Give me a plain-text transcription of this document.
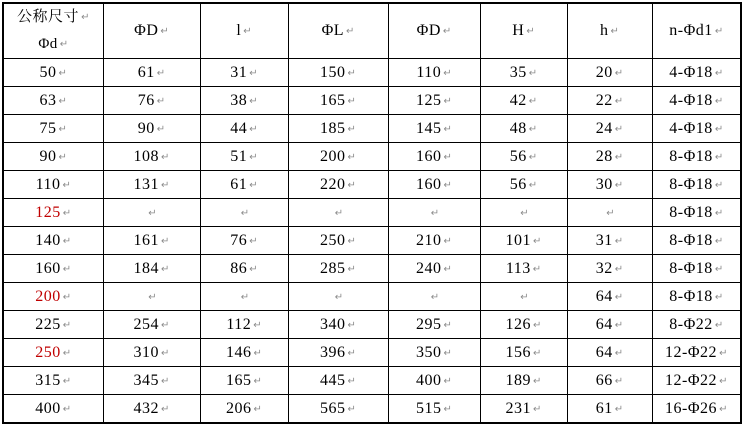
公称尺寸 ↵
Φd ↵	ΦD ↵	l ↵	ΦL ↵	ΦD ↵	H ↵	h ↵	n-Φd1 ↵
50 ↵	61 ↵	31 ↵	150 ↵	110 ↵	35 ↵	20 ↵	4-Φ18 ↵
63 ↵	76 ↵	38 ↵	165 ↵	125 ↵	42 ↵	22 ↵	4-Φ18 ↵
75 ↵	90 ↵	44 ↵	185 ↵	145 ↵	48 ↵	24 ↵	4-Φ18 ↵
90 ↵	108 ↵	51 ↵	200 ↵	160 ↵	56 ↵	28 ↵	8-Φ18 ↵
110 ↵	131 ↵	61 ↵	220 ↵	160 ↵	56 ↵	30 ↵	8-Φ18 ↵
125 ↵	↵	↵	↵	↵	↵	↵	8-Φ18 ↵
140 ↵	161 ↵	76 ↵	250 ↵	210 ↵	101 ↵	31 ↵	8-Φ18 ↵
160 ↵	184 ↵	86 ↵	285 ↵	240 ↵	113 ↵	32 ↵	8-Φ18 ↵
200 ↵	↵	↵	↵	↵	↵	64 ↵	8-Φ18 ↵
225 ↵	254 ↵	112 ↵	340 ↵	295 ↵	126 ↵	64 ↵	8-Φ22 ↵
250 ↵	310 ↵	146 ↵	396 ↵	350 ↵	156 ↵	64 ↵	12-Φ22 ↵
315 ↵	345 ↵	165 ↵	445 ↵	400 ↵	189 ↵	66 ↵	12-Φ22 ↵
400 ↵	432 ↵	206 ↵	565 ↵	515 ↵	231 ↵	61 ↵	16-Φ26 ↵
